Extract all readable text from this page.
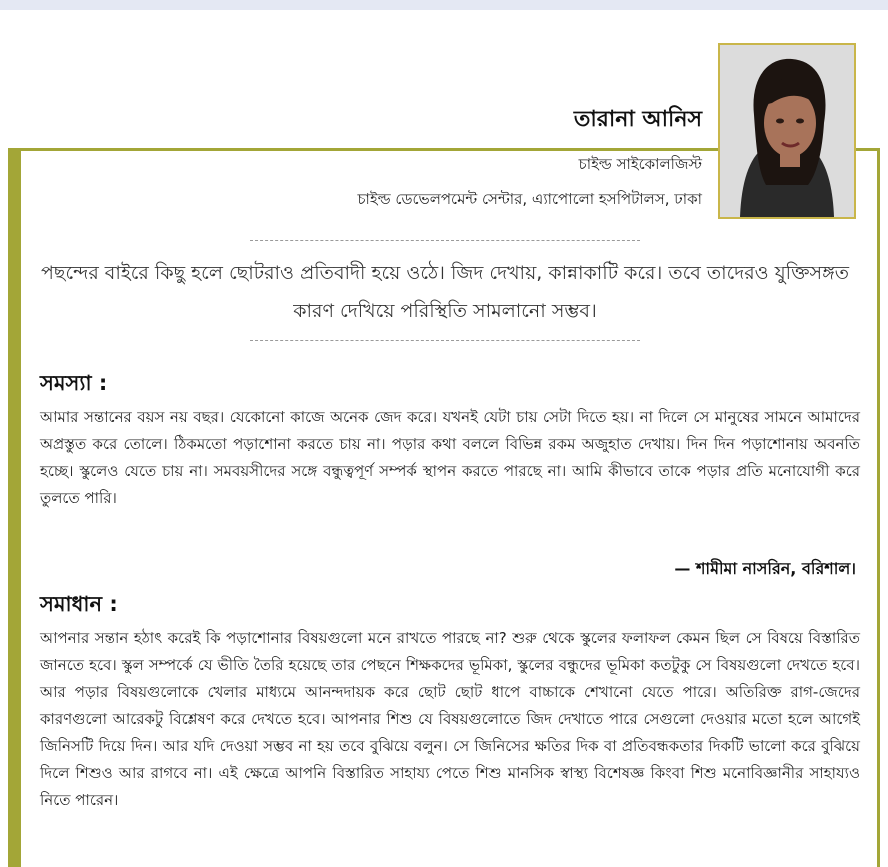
তারানা আনিস
চাইল্ড সাইকোলজিস্ট
চাইল্ড ডেভেলপমেন্ট সেন্টার, এ্যাপোলো হসপিটালস, ঢাকা
পছন্দের বাইরে কিছু হলে ছোটরাও প্রতিবাদী হয়ে ওঠে। জিদ দেখায়, কান্নাকাটি করে। তবে তাদেরও যুক্তিসঙ্গত কারণ দেখিয়ে পরিস্থিতি সামলানো সম্ভব।
সমস্যা :
আমার সন্তানের বয়স নয় বছর। যেকোনো কাজে অনেক জেদ করে। যখনই যেটা চায় সেটা দিতে হয়। না দিলে সে মানুষের সামনে আমাদের অপ্রস্তুত করে তোলে। ঠিকমতো পড়াশোনা করতে চায় না। পড়ার কথা বললে বিভিন্ন রকম অজুহাত দেখায়। দিন দিন পড়াশোনায় অবনতি হচ্ছে। স্কুলেও যেতে চায় না। সমবয়সীদের সঙ্গে বন্ধুত্বপূর্ণ সম্পর্ক স্থাপন করতে পারছে না। আমি কীভাবে তাকে পড়ার প্রতি মনোযোগী করে তুলতে পারি।
— শামীমা নাসরিন, বরিশাল।
সমাধান :
আপনার সন্তান হঠাৎ করেই কি পড়াশোনার বিষয়গুলো মনে রাখতে পারছে না? শুরু থেকে স্কুলের ফলাফল কেমন ছিল সে বিষয়ে বিস্তারিত জানতে হবে। স্কুল সম্পর্কে যে ভীতি তৈরি হয়েছে তার পেছনে শিক্ষকদের ভূমিকা, স্কুলের বন্ধুদের ভূমিকা কতটুকু সে বিষয়গুলো দেখতে হবে। আর পড়ার বিষয়গুলোকে খেলার মাধ্যমে আনন্দদায়ক করে ছোট ছোট ধাপে বাচ্চাকে শেখানো যেতে পারে। অতিরিক্ত রাগ-জেদের কারণগুলো আরেকটু বিশ্লেষণ করে দেখতে হবে। আপনার শিশু যে বিষয়গুলোতে জিদ দেখাতে পারে সেগুলো দেওয়ার মতো হলে আগেই জিনিসটি দিয়ে দিন। আর যদি দেওয়া সম্ভব না হয় তবে বুঝিয়ে বলুন। সে জিনিসের ক্ষতির দিক বা প্রতিবন্ধকতার দিকটি ভালো করে বুঝিয়ে দিলে শিশুও আর রাগবে না। এই ক্ষেত্রে আপনি বিস্তারিত সাহায্য পেতে শিশু মানসিক স্বাস্থ্য বিশেষজ্ঞ কিংবা শিশু মনোবিজ্ঞানীর সাহায্যও নিতে পারেন।
